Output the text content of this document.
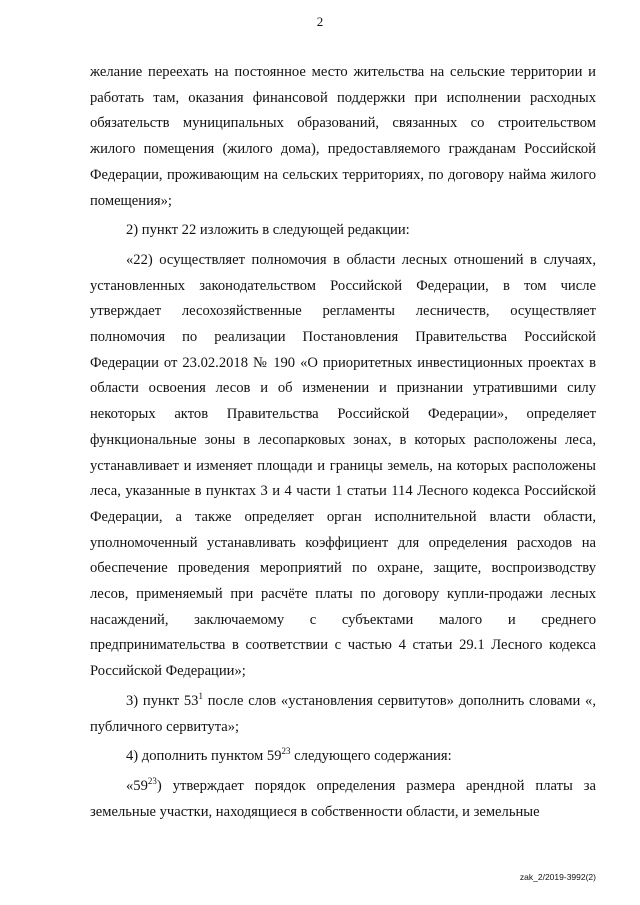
2

желание переехать на постоянное место жительства на сельские территории и работать там, оказания финансовой поддержки при исполнении расходных обязательств муниципальных образований, связанных со строительством жилого помещения (жилого дома), предоставляемого гражданам Российской Федерации, проживающим на сельских территориях, по договору найма жилого помещения»;

2) пункт 22 изложить в следующей редакции:

«22) осуществляет полномочия в области лесных отношений в случаях, установленных законодательством Российской Федерации, в том числе утверждает лесохозяйственные регламенты лесничеств, осуществляет полномочия по реализации Постановления Правительства Российской Федерации от 23.02.2018 № 190 «О приоритетных инвестиционных проектах в области освоения лесов и об изменении и признании утратившими силу некоторых актов Правительства Российской Федерации», определяет функциональные зоны в лесопарковых зонах, в которых расположены леса, устанавливает и изменяет площади и границы земель, на которых расположены леса, указанные в пунктах 3 и 4 части 1 статьи 114 Лесного кодекса Российской Федерации, а также определяет орган исполнительной власти области, уполномоченный устанавливать коэффициент для определения расходов на обеспечение проведения мероприятий по охране, защите, воспроизводству лесов, применяемый при расчёте платы по договору купли-продажи лесных насаждений, заключаемому с субъектами малого и среднего предпринимательства в соответствии с частью 4 статьи 29.1 Лесного кодекса Российской Федерации»;

3) пункт $53^1$ после слов «установления сервитутов» дополнить словами «, публичного сервитута»;

4) дополнить пунктом $59^{23}$ следующего содержания:

«$59^{23}$) утверждает порядок определения размера арендной платы за земельные участки, находящиеся в собственности области, и земельные

zak_2/2019-3992(2)
